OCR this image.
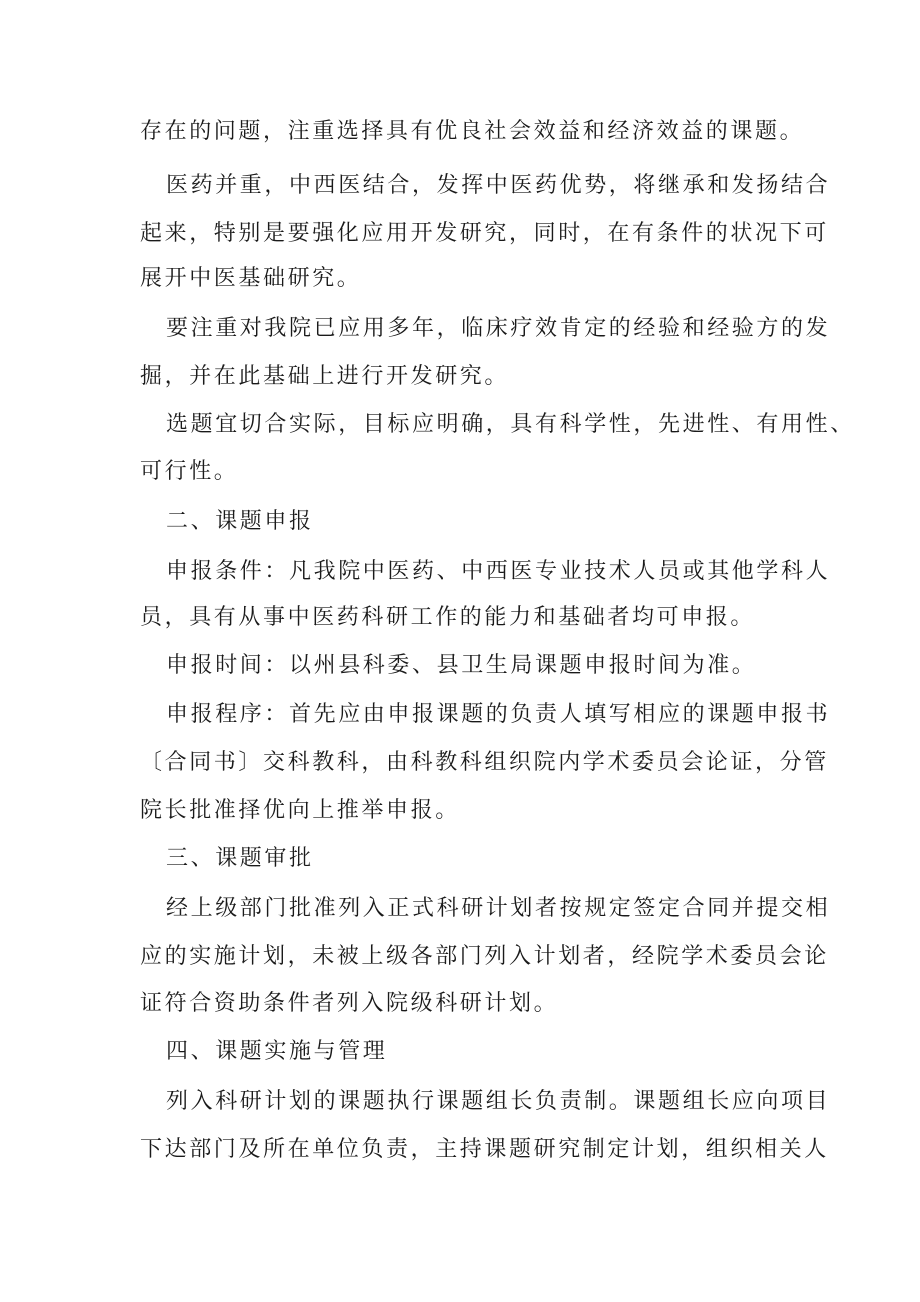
存在的问题，注重选择具有优良社会效益和经济效益的课题。
医药并重，中西医结合，发挥中医药优势，将继承和发扬结合
起来，特别是要强化应用开发研究，同时，在有条件的状况下可
展开中医基础研究。
要注重对我院已应用多年，临床疗效肯定的经验和经验方的发
掘，并在此基础上进行开发研究。
选题宜切合实际，目标应明确，具有科学性，先进性、有用性、
可行性。
二、课题申报
申报条件：凡我院中医药、中西医专业技术人员或其他学科人
员，具有从事中医药科研工作的能力和基础者均可申报。
申报时间：以州县科委、县卫生局课题申报时间为准。
申报程序：首先应由申报课题的负责人填写相应的课题申报书
〔合同书〕交科教科，由科教科组织院内学术委员会论证，分管
院长批准择优向上推举申报。
三、课题审批
经上级部门批准列入正式科研计划者按规定签定合同并提交相
应的实施计划，未被上级各部门列入计划者，经院学术委员会论
证符合资助条件者列入院级科研计划。
四、课题实施与管理
列入科研计划的课题执行课题组长负责制。课题组长应向项目
下达部门及所在单位负责，主持课题研究制定计划，组织相关人
